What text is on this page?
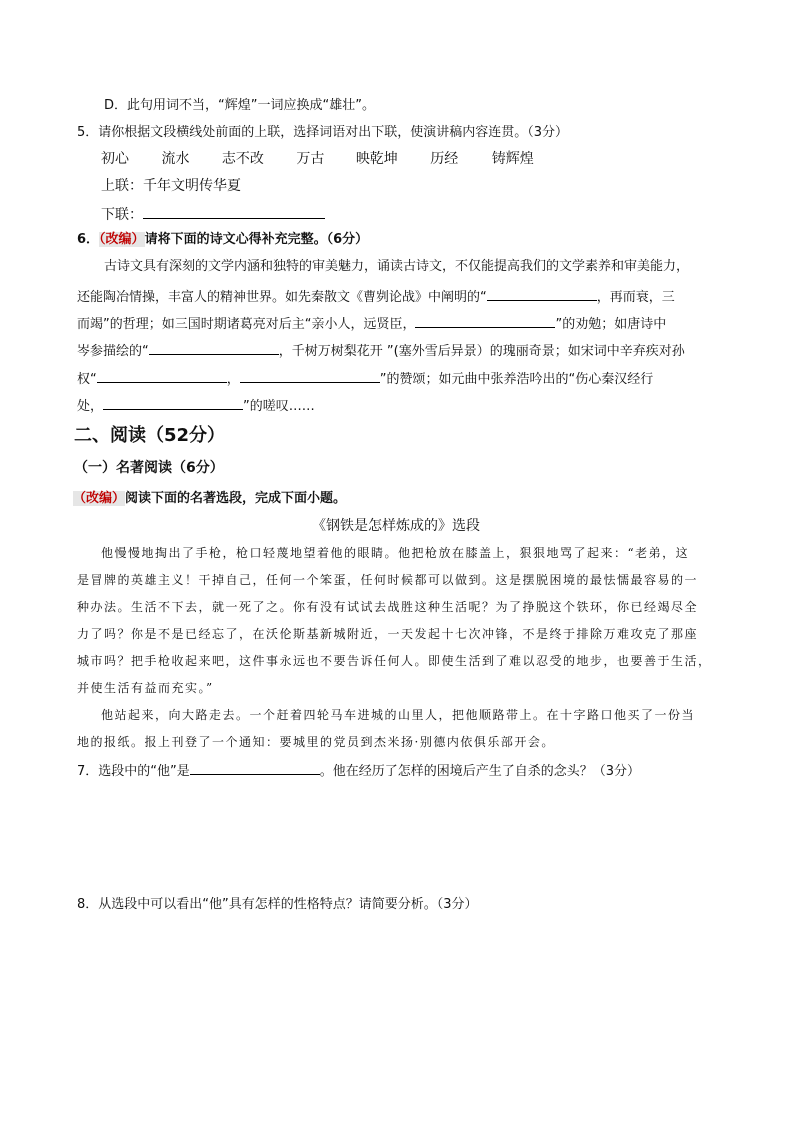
D．此句用词不当，“辉煌”一词应换成“雄壮”。
5．请你根据文段横线处前面的上联，选择词语对出下联，使演讲稿内容连贯。（3分）
初心 流水 志不改 万古 映乾坤 历经 铸辉煌
上联：千年文明传华夏
下联：
6．（改编）请将下面的诗文心得补充完整。（6分）
古诗文具有深刻的文学内涵和独特的审美魅力，诵读古诗文，不仅能提高我们的文学素养和审美能力，
还能陶冶情操，丰富人的精神世界。如先秦散文《曹刿论战》中阐明的“	，再而衰，三
而竭”的哲理；如三国时期诸葛亮对后主“亲小人，远贤臣，	”的劝勉；如唐诗中
岑参描绘的“	，千树万树梨花开 ”(塞外雪后异景）的瑰丽奇景；如宋词中辛弃疾对孙
权“	，	”的赞颂；如元曲中张养浩吟出的“伤心秦汉经行
处，	”的嗟叹……
二、阅读（52分）
（一）名著阅读（6分）
（改编）阅读下面的名著选段，完成下面小题。
《钢铁是怎样炼成的》选段
他慢慢地掏出了手枪，枪口轻蔑地望着他的眼睛。他把枪放在膝盖上，狠狠地骂了起来：“老弟，这
是冒牌的英雄主义！干掉自己，任何一个笨蛋，任何时候都可以做到。这是摆脱困境的最怯懦最容易的一
种办法。生活不下去，就一死了之。你有没有试试去战胜这种生活呢？为了挣脱这个铁环，你已经竭尽全
力了吗？你是不是已经忘了，在沃伦斯基新城附近，一天发起十七次冲锋，不是终于排除万难攻克了那座
城市吗？把手枪收起来吧，这件事永远也不要告诉任何人。即使生活到了难以忍受的地步，也要善于生活，
并使生活有益而充实。”
他站起来，向大路走去。一个赶着四轮马车进城的山里人，把他顺路带上。在十字路口他买了一份当
地的报纸。报上刊登了一个通知：要城里的党员到杰米扬·别德内依俱乐部开会。
7．选段中的“他”是	。他在经历了怎样的困境后产生了自杀的念头？（3分）
8．从选段中可以看出“他”具有怎样的性格特点？请简要分析。（3分）
